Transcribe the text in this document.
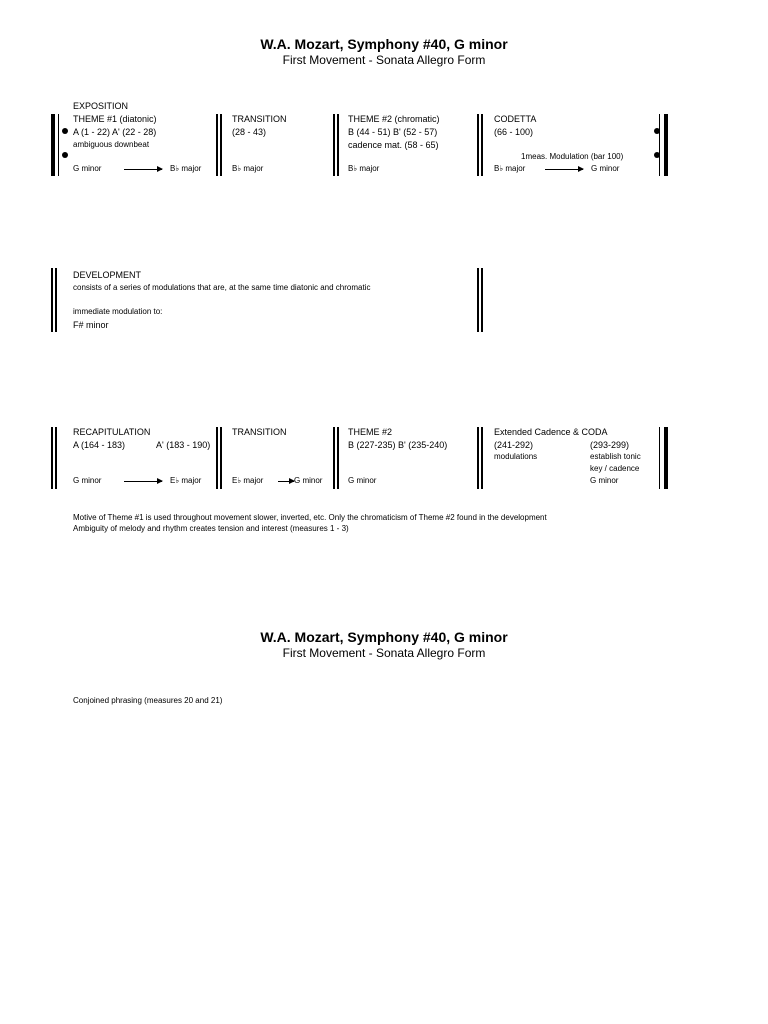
W.A. Mozart, Symphony #40, G minor
First Movement - Sonata Allegro Form
EXPOSITION
THEME #1 (diatonic)
A (1 - 22) A' (22 - 28)
ambiguous downbeat
G minor	B♭ major
TRANSITION
(28 - 43)
B♭ major
THEME #2 (chromatic)
B (44 - 51) B' (52 - 57)
cadence mat. (58 - 65)
B♭ major
CODETTA
(66 - 100)
1meas. Modulation (bar 100)
B♭ major	G minor
DEVELOPMENT
consists of a series of modulations that are, at the same time diatonic and chromatic
immediate modulation to:
F# minor
RECAPITULATION
A (164 - 183)	A' (183 - 190)
G minor	E♭ major
TRANSITION
E♭ major	G minor
THEME #2
B (227-235) B' (235-240)
G minor
Extended Cadence & CODA
(241-292)	(293-299)
modulations	establish tonic
key / cadence
G minor
Motive of Theme #1 is used throughout movement slower, inverted, etc. Only the chromaticism of Theme #2 found in the development
Ambiguity of melody and rhythm creates tension and interest (measures 1 - 3)
W.A. Mozart, Symphony #40, G minor
First Movement - Sonata Allegro Form
Conjoined phrasing (measures 20 and 21)
